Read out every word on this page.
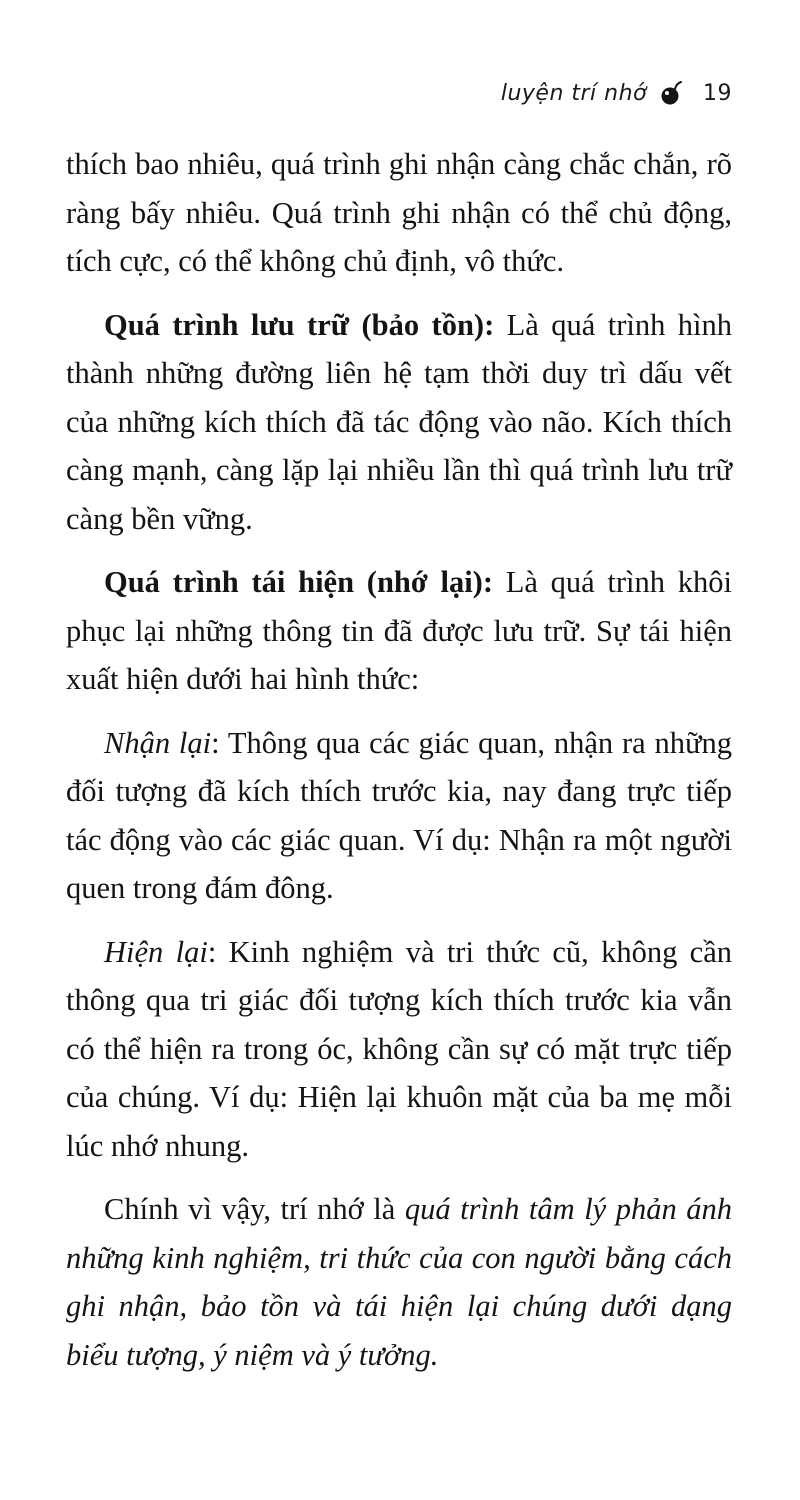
luyện trí nhớ	19

thích bao nhiêu, quá trình ghi nhận càng chắc chắn, rõ ràng bấy nhiêu. Quá trình ghi nhận có thể chủ động, tích cực, có thể không chủ định, vô thức.

Quá trình lưu trữ (bảo tồn): Là quá trình hình thành những đường liên hệ tạm thời duy trì dấu vết của những kích thích đã tác động vào não. Kích thích càng mạnh, càng lặp lại nhiều lần thì quá trình lưu trữ càng bền vững.

Quá trình tái hiện (nhớ lại): Là quá trình khôi phục lại những thông tin đã được lưu trữ. Sự tái hiện xuất hiện dưới hai hình thức:

Nhận lại: Thông qua các giác quan, nhận ra những đối tượng đã kích thích trước kia, nay đang trực tiếp tác động vào các giác quan. Ví dụ: Nhận ra một người quen trong đám đông.

Hiện lại: Kinh nghiệm và tri thức cũ, không cần thông qua tri giác đối tượng kích thích trước kia vẫn có thể hiện ra trong óc, không cần sự có mặt trực tiếp của chúng. Ví dụ: Hiện lại khuôn mặt của ba mẹ mỗi lúc nhớ nhung.

Chính vì vậy, trí nhớ là quá trình tâm lý phản ánh những kinh nghiệm, tri thức của con người bằng cách ghi nhận, bảo tồn và tái hiện lại chúng dưới dạng biểu tượng, ý niệm và ý tưởng.
